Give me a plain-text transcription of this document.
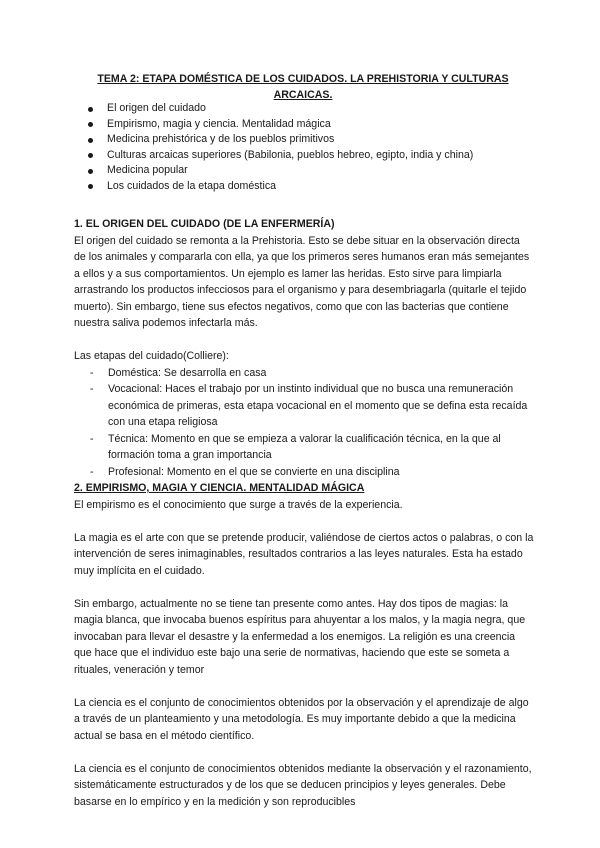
TEMA 2: ETAPA DOMÉSTICA DE LOS CUIDADOS. LA PREHISTORIA Y CULTURAS ARCAICAS.
El origen del cuidado
Empirismo, magia y ciencia. Mentalidad mágica
Medicina prehistórica y de los pueblos primitivos
Culturas arcaicas superiores (Babilonia, pueblos hebreo, egipto, india y china)
Medicina popular
Los cuidados de la etapa doméstica

1. EL ORIGEN DEL CUIDADO (DE LA ENFERMERÍA)

El origen del cuidado se remonta a la Prehistoria. Esto se debe situar en la observación directa de los animales y compararla con ella, ya que los primeros seres humanos eran más semejantes a ellos y a sus comportamientos. Un ejemplo es lamer las heridas. Esto sirve para limpiarla arrastrando los productos infecciosos para el organismo y para desembriagarla (quitarle el tejido muerto). Sin embargo, tiene sus efectos negativos, como que con las bacterias que contiene nuestra saliva podemos infectarla más.

Las etapas del cuidado(Colliere):

- Doméstica: Se desarrolla en casa
- Vocacional: Haces el trabajo por un instinto individual que no busca una remuneración económica de primeras, esta etapa vocacional en el momento que se defina esta recaída con una etapa religiosa
- Técnica: Momento en que se empieza a valorar la cualificación técnica, en la que al formación toma a gran importancia
- Profesional: Momento en el que se convierte en una disciplina

2. EMPIRISMO, MAGIA Y CIENCIA. MENTALIDAD MÁGICA

El empirismo es el conocimiento que surge a través de la experiencia.

La magia es el arte con que se pretende producir, valiéndose de ciertos actos o palabras, o con la intervención de seres inimaginables, resultados contrarios a las leyes naturales. Esta ha estado muy implícita en el cuidado.

Sin embargo, actualmente no se tiene tan presente como antes. Hay dos tipos de magias: la magia blanca, que invocaba buenos espíritus para ahuyentar a los malos, y la magia negra, que invocaban para llevar el desastre y la enfermedad a los enemigos. La religión es una creencia que hace que el individuo este bajo una serie de normativas, haciendo que este se someta a rituales, veneración y temor

La ciencia es el conjunto de conocimientos obtenidos por la observación y el aprendizaje de algo a través de un planteamiento y una metodología. Es muy importante debido a que la medicina actual se basa en el método científico.

La ciencia es el conjunto de conocimientos obtenidos mediante la observación y el razonamiento, sistemáticamente estructurados y de los que se deducen principios y leyes generales. Debe basarse en lo empírico y en la medición y son reproducibles
